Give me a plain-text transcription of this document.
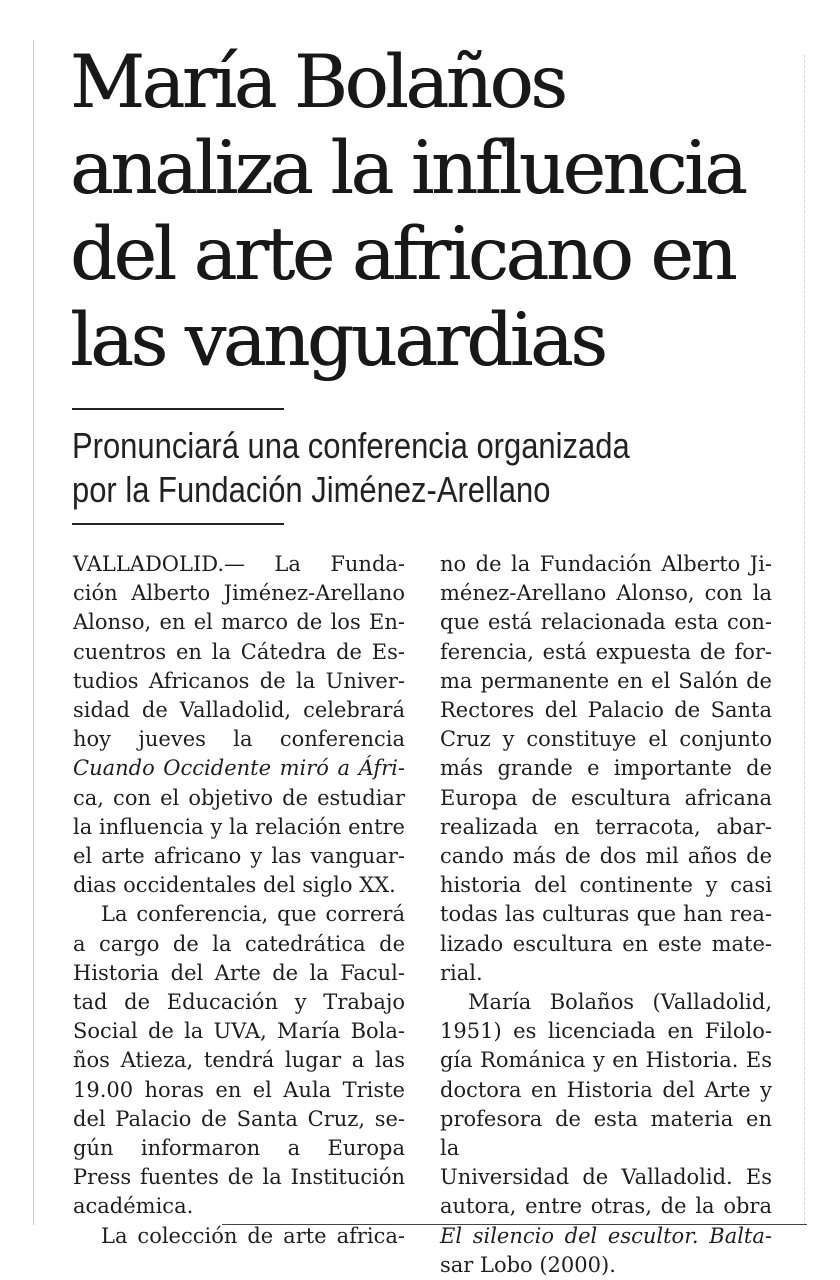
María Bolaños
analiza la influencia
del arte africano en
las vanguardias
Pronunciará una conferencia organizada
por la Fundación Jiménez-Arellano
VALLADOLID.— La Funda-
ción Alberto Jiménez-Arellano
Alonso, en el marco de los En-
cuentros en la Cátedra de Es-
tudios Africanos de la Univer-
sidad de Valladolid, celebrará
hoy jueves la conferencia
Cuando Occidente miró a Áfri-
ca, con el objetivo de estudiar
la influencia y la relación entre
el arte africano y las vanguar-
dias occidentales del siglo XX.
La conferencia, que correrá
a cargo de la catedrática de
Historia del Arte de la Facul-
tad de Educación y Trabajo
Social de la UVA, María Bola-
ños Atieza, tendrá lugar a las
19.00 horas en el Aula Triste
del Palacio de Santa Cruz, se-
gún informaron a Europa
Press fuentes de la Institución
académica.
La colección de arte africa-
no de la Fundación Alberto Ji-
ménez-Arellano Alonso, con la
que está relacionada esta con-
ferencia, está expuesta de for-
ma permanente en el Salón de
Rectores del Palacio de Santa
Cruz y constituye el conjunto
más grande e importante de
Europa de escultura africana
realizada en terracota, abar-
cando más de dos mil años de
historia del continente y casi
todas las culturas que han rea-
lizado escultura en este mate-
rial.
María Bolaños (Valladolid,
1951) es licenciada en Filolo-
gía Románica y en Historia. Es
doctora en Historia del Arte y
profesora de esta materia en la
Universidad de Valladolid. Es
autora, entre otras, de la obra
El silencio del escultor. Balta-
sar Lobo (2000).
